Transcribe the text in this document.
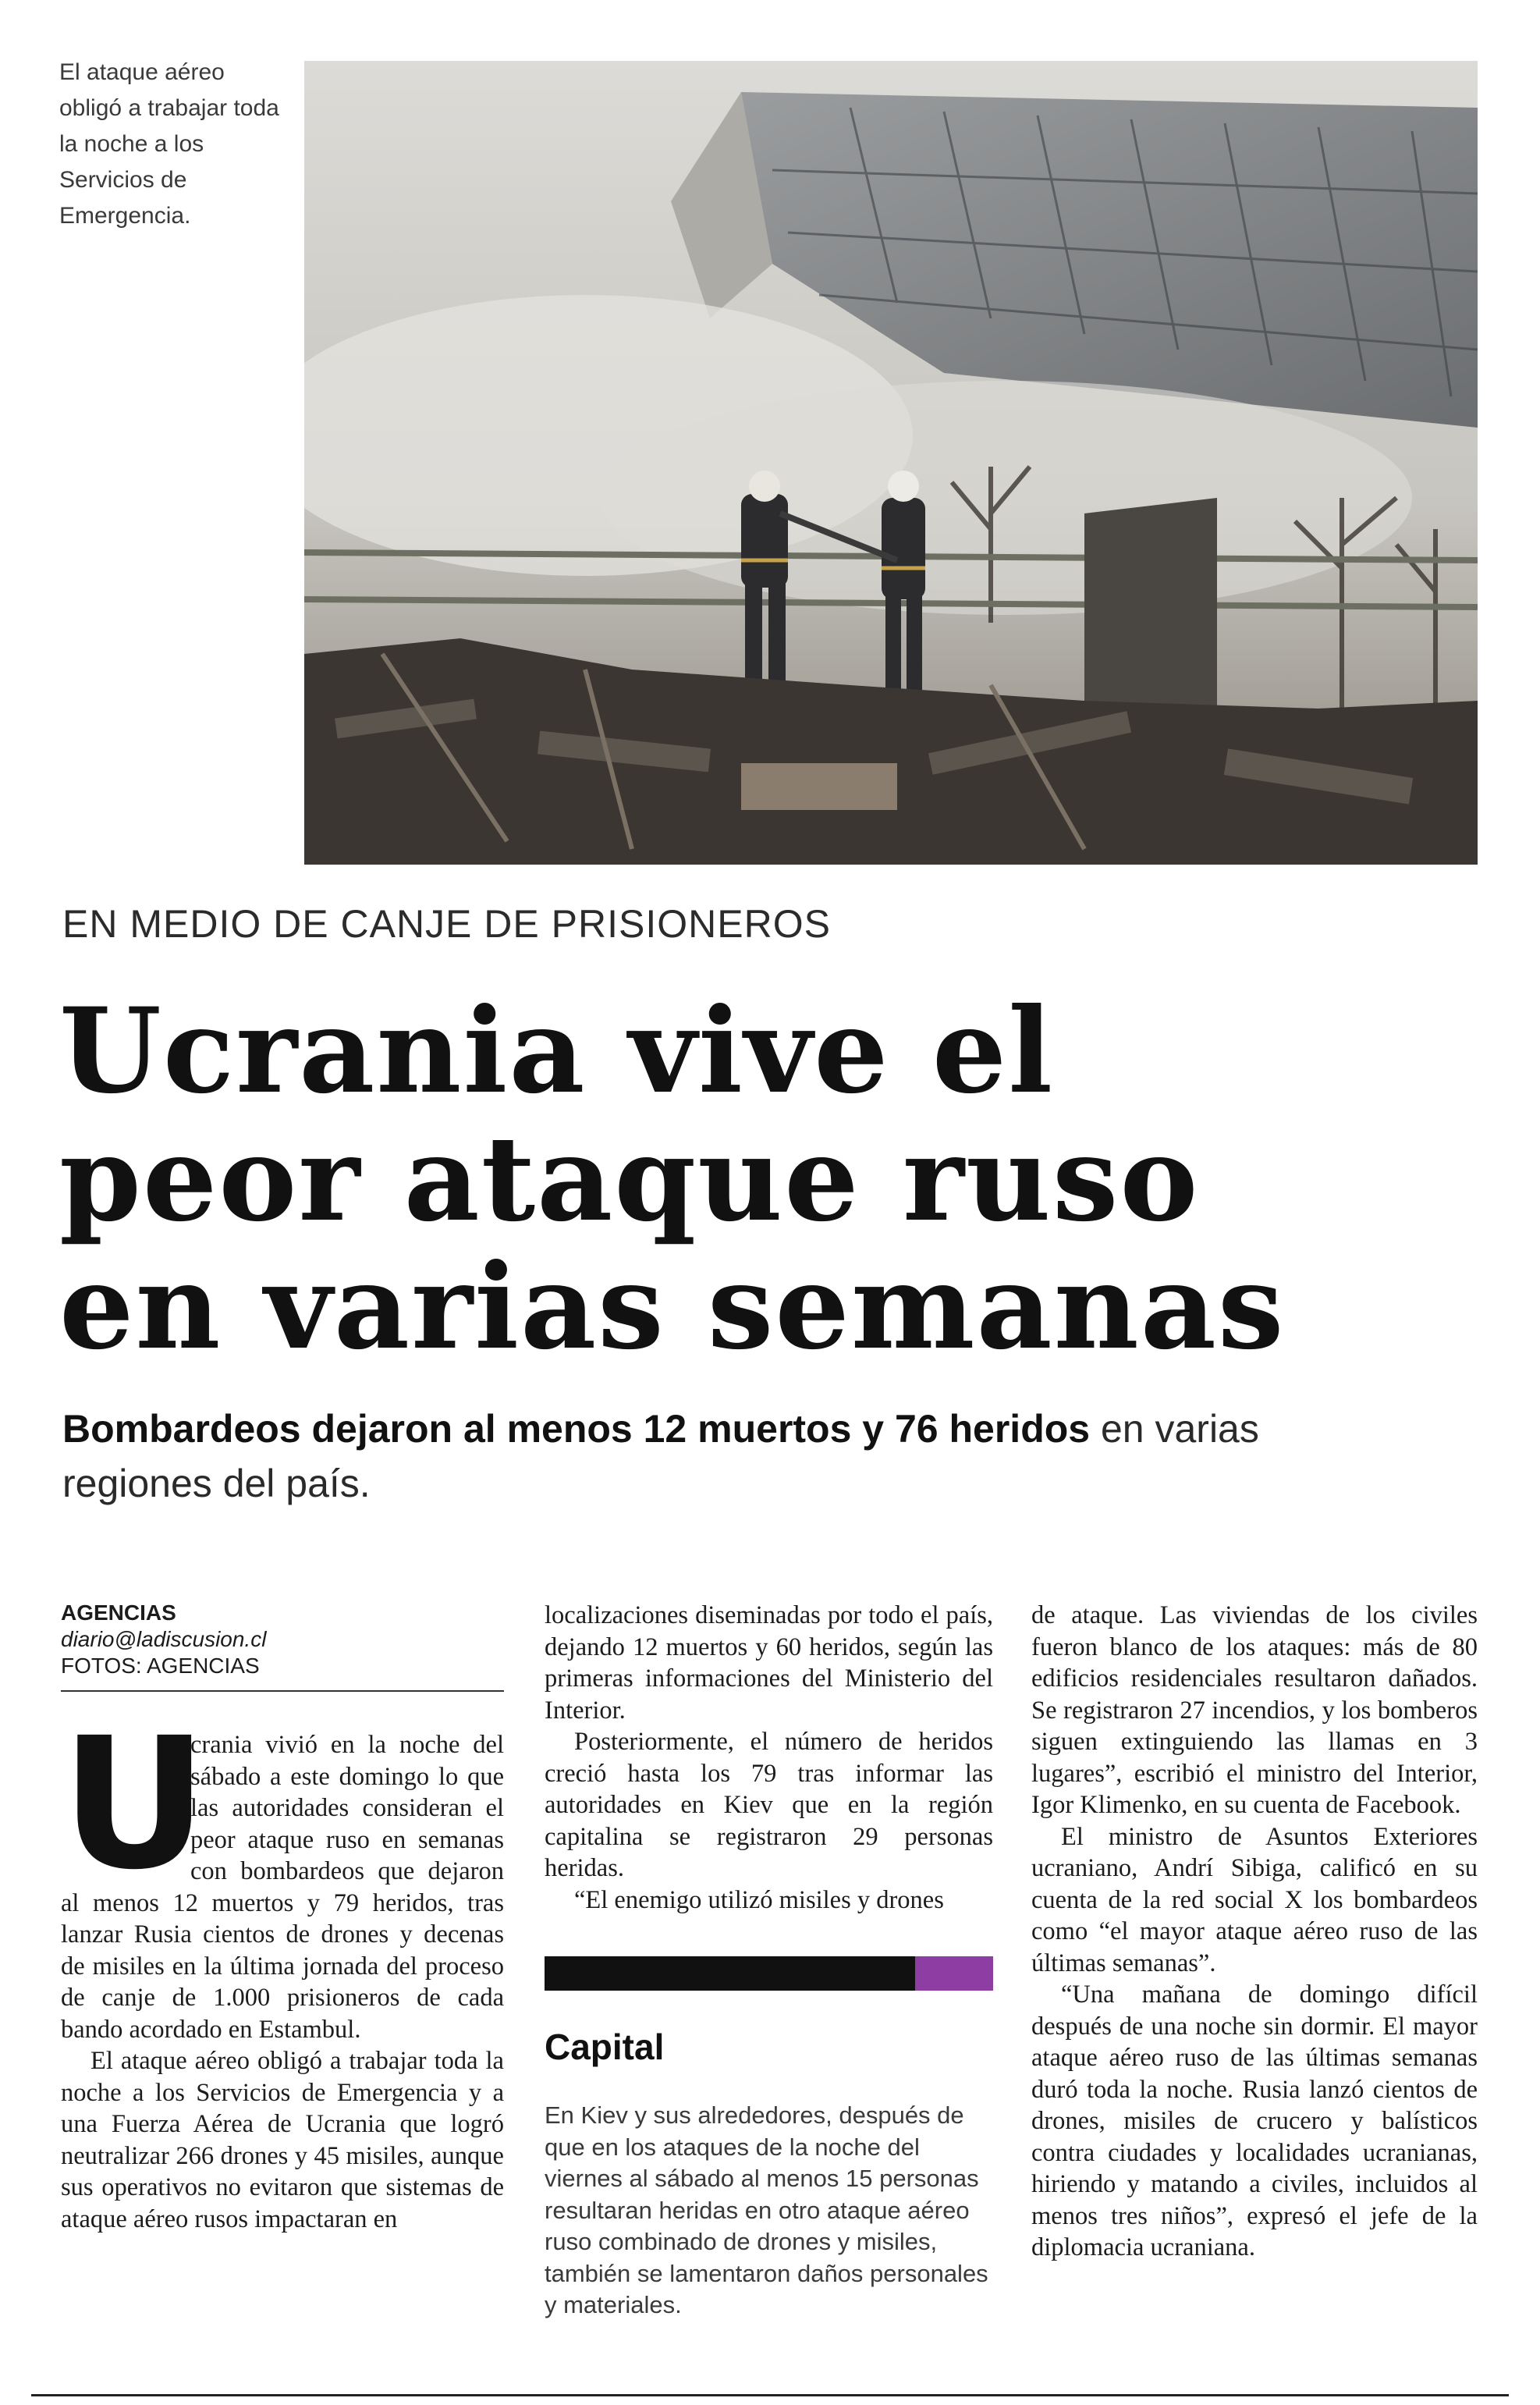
El ataque aéreo obligó a trabajar toda la noche a los Servicios de Emergencia.
EN MEDIO DE CANJE DE PRISIONEROS
Ucrania vive el
peor ataque ruso
en varias semanas
Bombardeos dejaron al menos 12 muertos y 76 heridos en varias regiones del país.
AGENCIAS
diario@ladiscusion.cl
FOTOS: AGENCIAS

U
crania vivió en la noche del sábado a este domingo lo que las autoridades consideran el peor ataque ruso en semanas con bombardeos que dejaron al menos 12 muertos y 79 heridos, tras lanzar Rusia cientos de drones y decenas de misiles en la última jornada del proceso de canje de 1.000 prisioneros de cada bando acordado en Estambul.

El ataque aéreo obligó a trabajar toda la noche a los Servicios de Emergencia y a una Fuerza Aérea de Ucrania que logró neutralizar 266 drones y 45 misiles, aunque sus operativos no evitaron que sistemas de ataque aéreo rusos impactaran en

localizaciones diseminadas por todo el país, dejando 12 muertos y 60 heridos, según las primeras informaciones del Ministerio del Interior.

Posteriormente, el número de heridos creció hasta los 79 tras informar las autoridades en Kiev que en la región capitalina se registraron 29 personas heridas.

“El enemigo utilizó misiles y drones

Capital

En Kiev y sus alrededores, después de que en los ataques de la noche del viernes al sábado al menos 15 personas resultaran heridas en otro ataque aéreo ruso combinado de drones y misiles, también se lamentaron daños personales y materiales.

de ataque. Las viviendas de los civiles fueron blanco de los ataques: más de 80 edificios residenciales resultaron dañados. Se registraron 27 incendios, y los bomberos siguen extinguiendo las llamas en 3 lugares”, escribió el ministro del Interior, Igor Klimenko, en su cuenta de Facebook.

El ministro de Asuntos Exteriores ucraniano, Andrí Sibiga, calificó en su cuenta de la red social X los bombardeos como “el mayor ataque aéreo ruso de las últimas semanas”.

“Una mañana de domingo difícil después de una noche sin dormir. El mayor ataque aéreo ruso de las últimas semanas duró toda la noche. Rusia lanzó cientos de drones, misiles de crucero y balísticos contra ciudades y localidades ucranianas, hiriendo y matando a civiles, incluidos al menos tres niños”, expresó el jefe de la diplomacia ucraniana.
